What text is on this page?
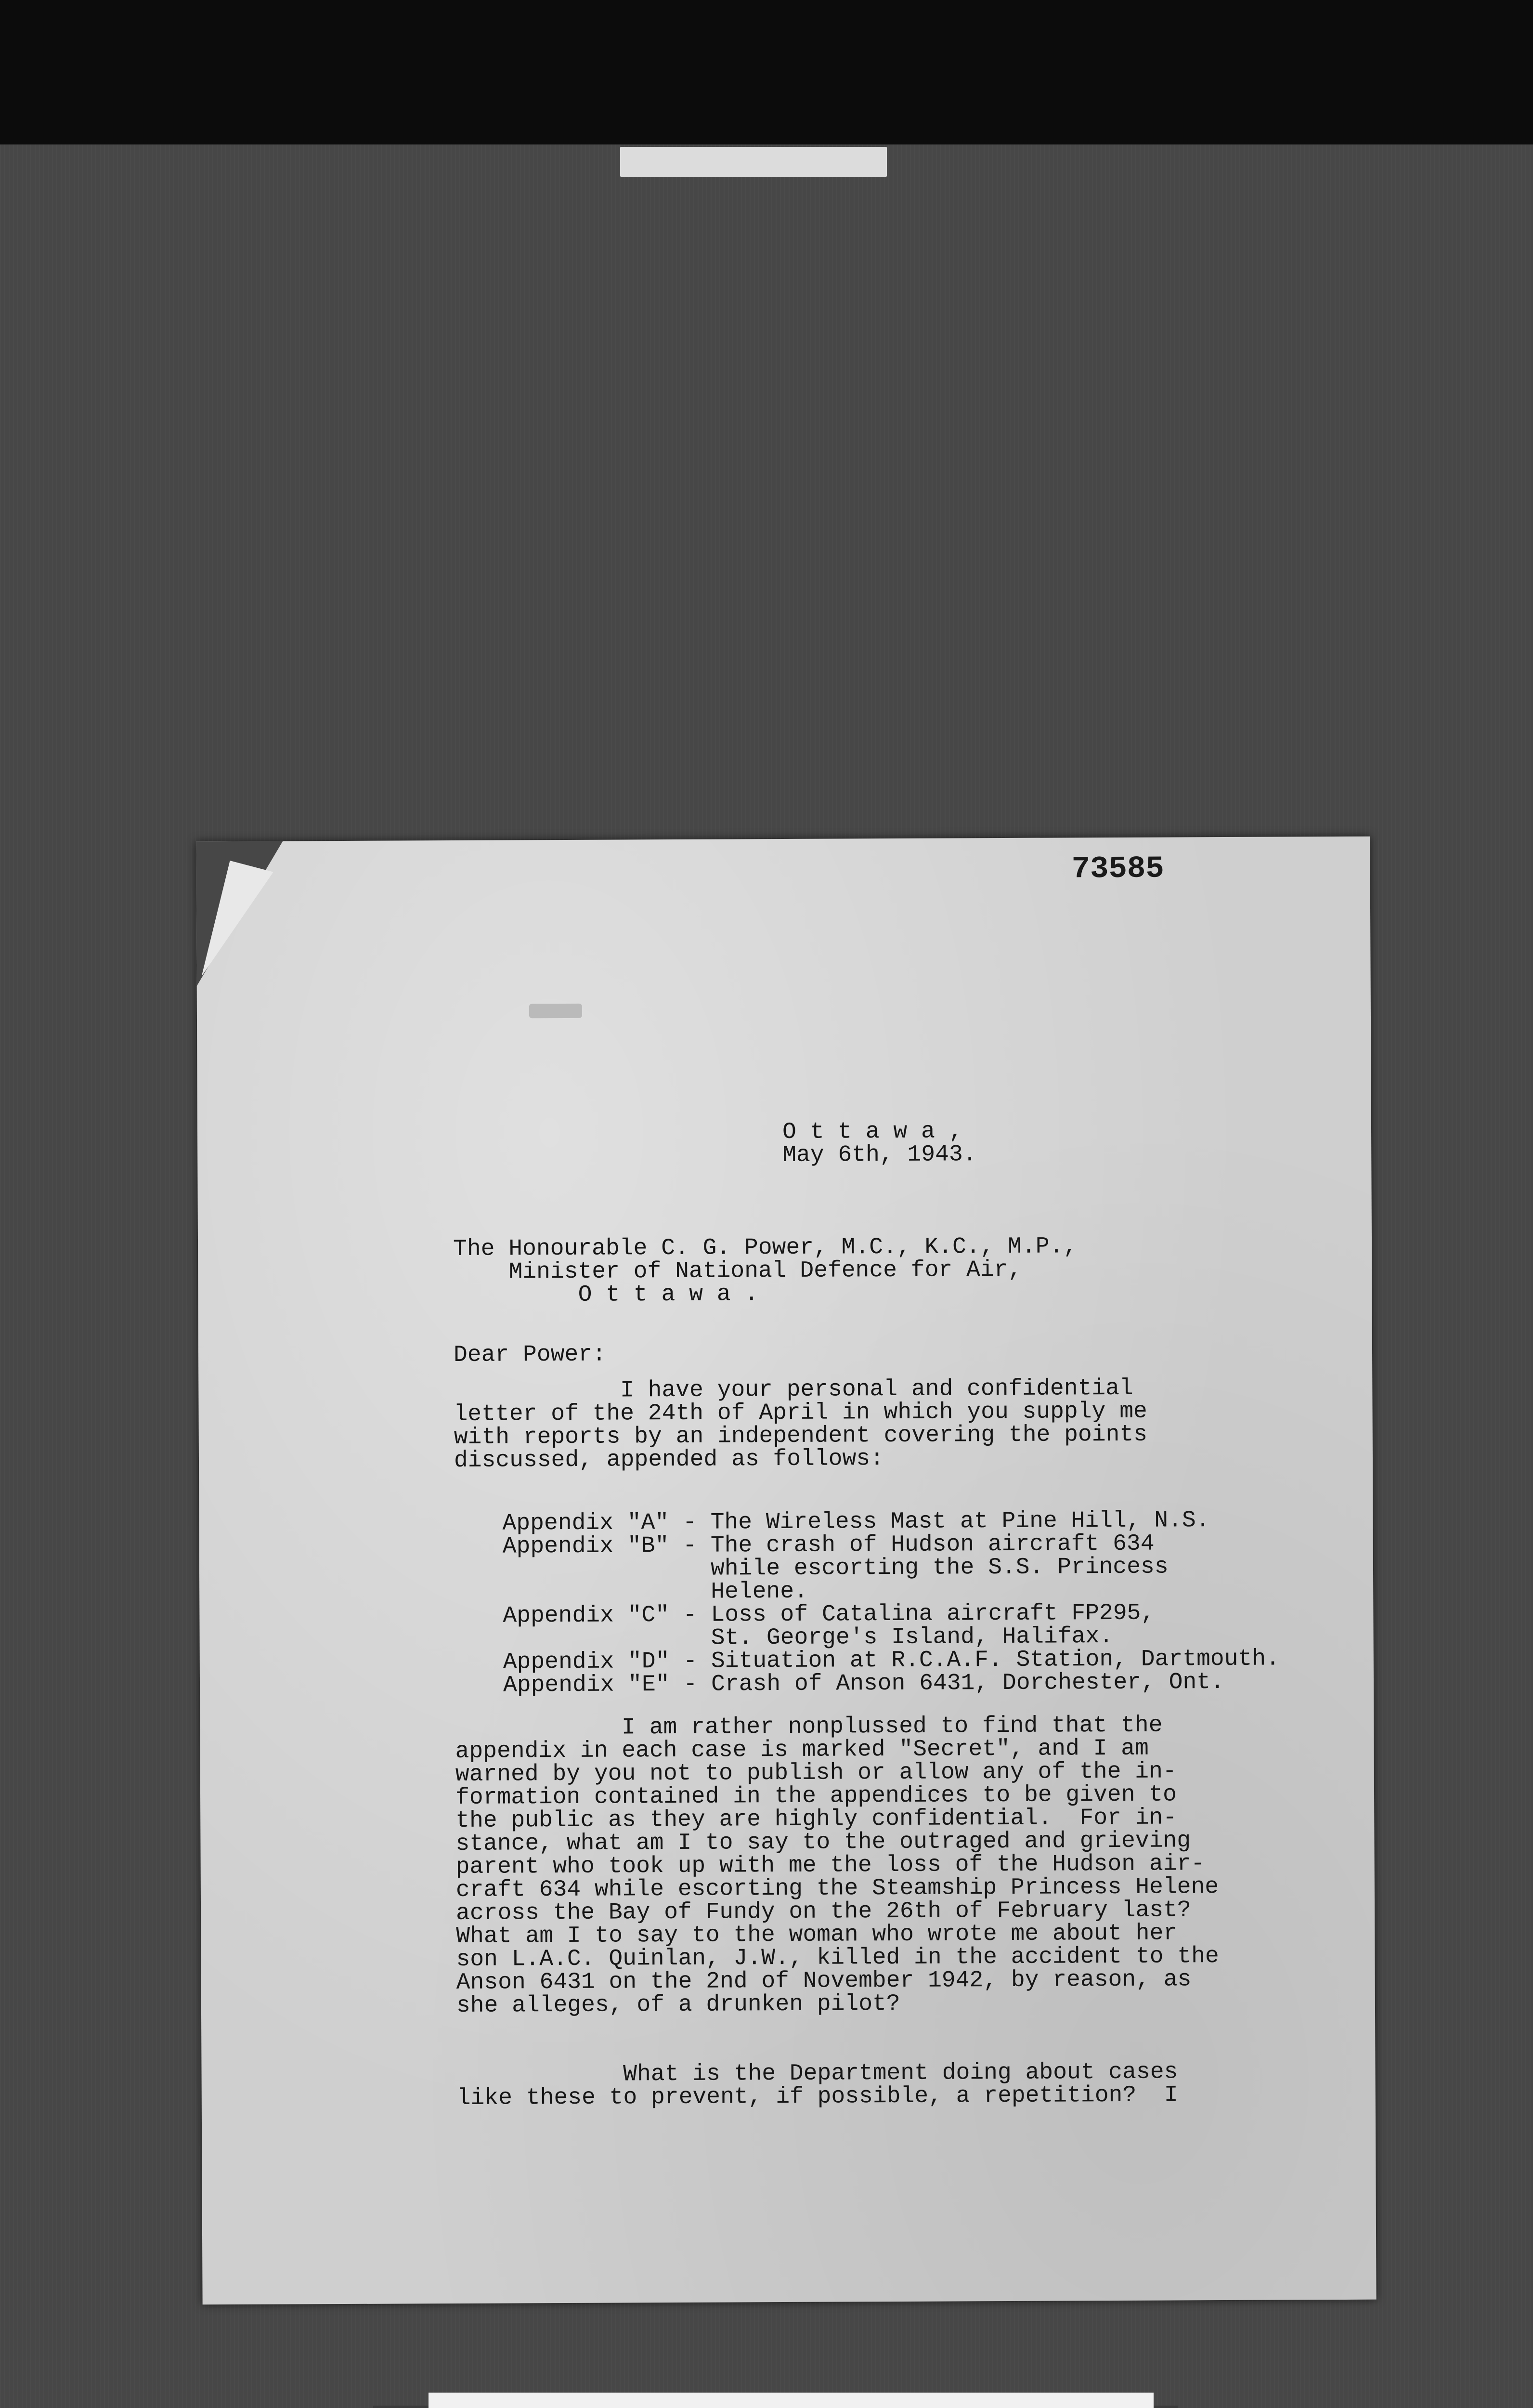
73585
O t t a w a ,
May 6th, 1943.
The Honourable C. G. Power, M.C., K.C., M.P.,
Minister of National Defence for Air,
O t t a w a .
Dear Power:
I have your personal and confidential
letter of the 24th of April in which you supply me
with reports by an independent covering the points
discussed, appended as follows:
Appendix "A" - The Wireless Mast at Pine Hill, N.S.
Appendix "B" - The crash of Hudson aircraft 634
while escorting the S.S. Princess
Helene.
Appendix "C" - Loss of Catalina aircraft FP295,
St. George's Island, Halifax.
Appendix "D" - Situation at R.C.A.F. Station, Dartmouth.
Appendix "E" - Crash of Anson 6431, Dorchester, Ont.
I am rather nonplussed to find that the
appendix in each case is marked "Secret", and I am
warned by you not to publish or allow any of the in-
formation contained in the appendices to be given to
the public as they are highly confidential.  For in-
stance, what am I to say to the outraged and grieving
parent who took up with me the loss of the Hudson air-
craft 634 while escorting the Steamship Princess Helene
across the Bay of Fundy on the 26th of February last?
What am I to say to the woman who wrote me about her
son L.A.C. Quinlan, J.W., killed in the accident to the
Anson 6431 on the 2nd of November 1942, by reason, as
she alleges, of a drunken pilot?
What is the Department doing about cases
like these to prevent, if possible, a repetition?  I
